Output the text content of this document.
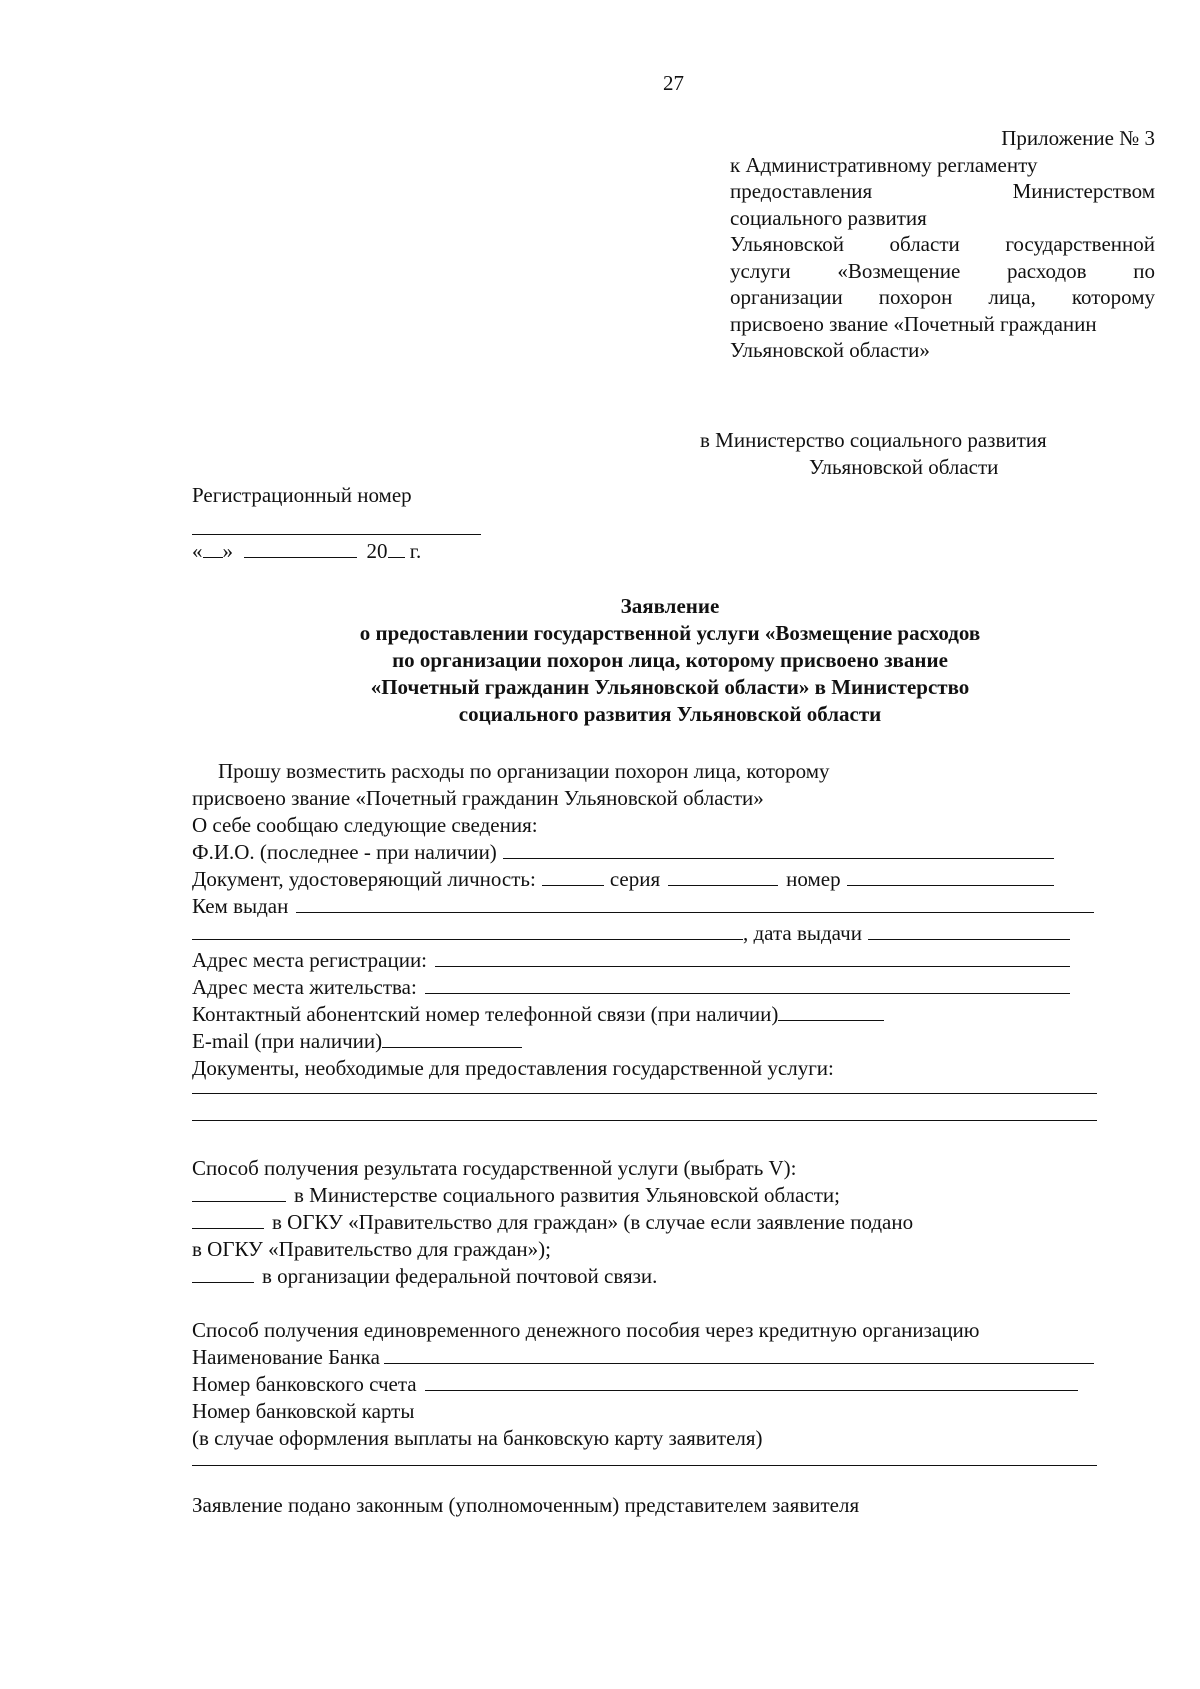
27
Приложение № 3
к Административному регламенту
предоставления	Министерством
социального развития
Ульяновской области государственной
услуги «Возмещение расходов по
организации похорон лица, которому
присвоено звание «Почетный гражданин
Ульяновской области»
в Министерство социального развития
Ульяновской области
Регистрационный номер
« »	20 г.
Заявление
о предоставлении государственной услуги «Возмещение расходов
по организации похорон лица, которому присвоено звание
«Почетный гражданин Ульяновской области» в Министерство
социального развития Ульяновской области
Прошу возместить расходы по организации похорон лица, которому
присвоено звание «Почетный гражданин Ульяновской области»
О себе сообщаю следующие сведения:
Ф.И.О. (последнее - при наличии)
Документ, удостоверяющий личность:	серия	номер
Кем выдан
, дата выдачи
Адрес места регистрации:
Адрес места жительства:
Контактный абонентский номер телефонной связи (при наличии)
E-mail (при наличии)
Документы, необходимые для предоставления государственной услуги:
Способ получения результата государственной услуги (выбрать V):
в Министерстве социального развития Ульяновской области;
в ОГКУ «Правительство для граждан» (в случае если заявление подано
в ОГКУ «Правительство для граждан»);
в организации федеральной почтовой связи.
Способ получения единовременного денежного пособия через кредитную организацию
Наименование Банка
Номер банковского счета
Номер банковской карты
(в случае оформления выплаты на банковскую карту заявителя)
Заявление подано законным (уполномоченным) представителем заявителя
